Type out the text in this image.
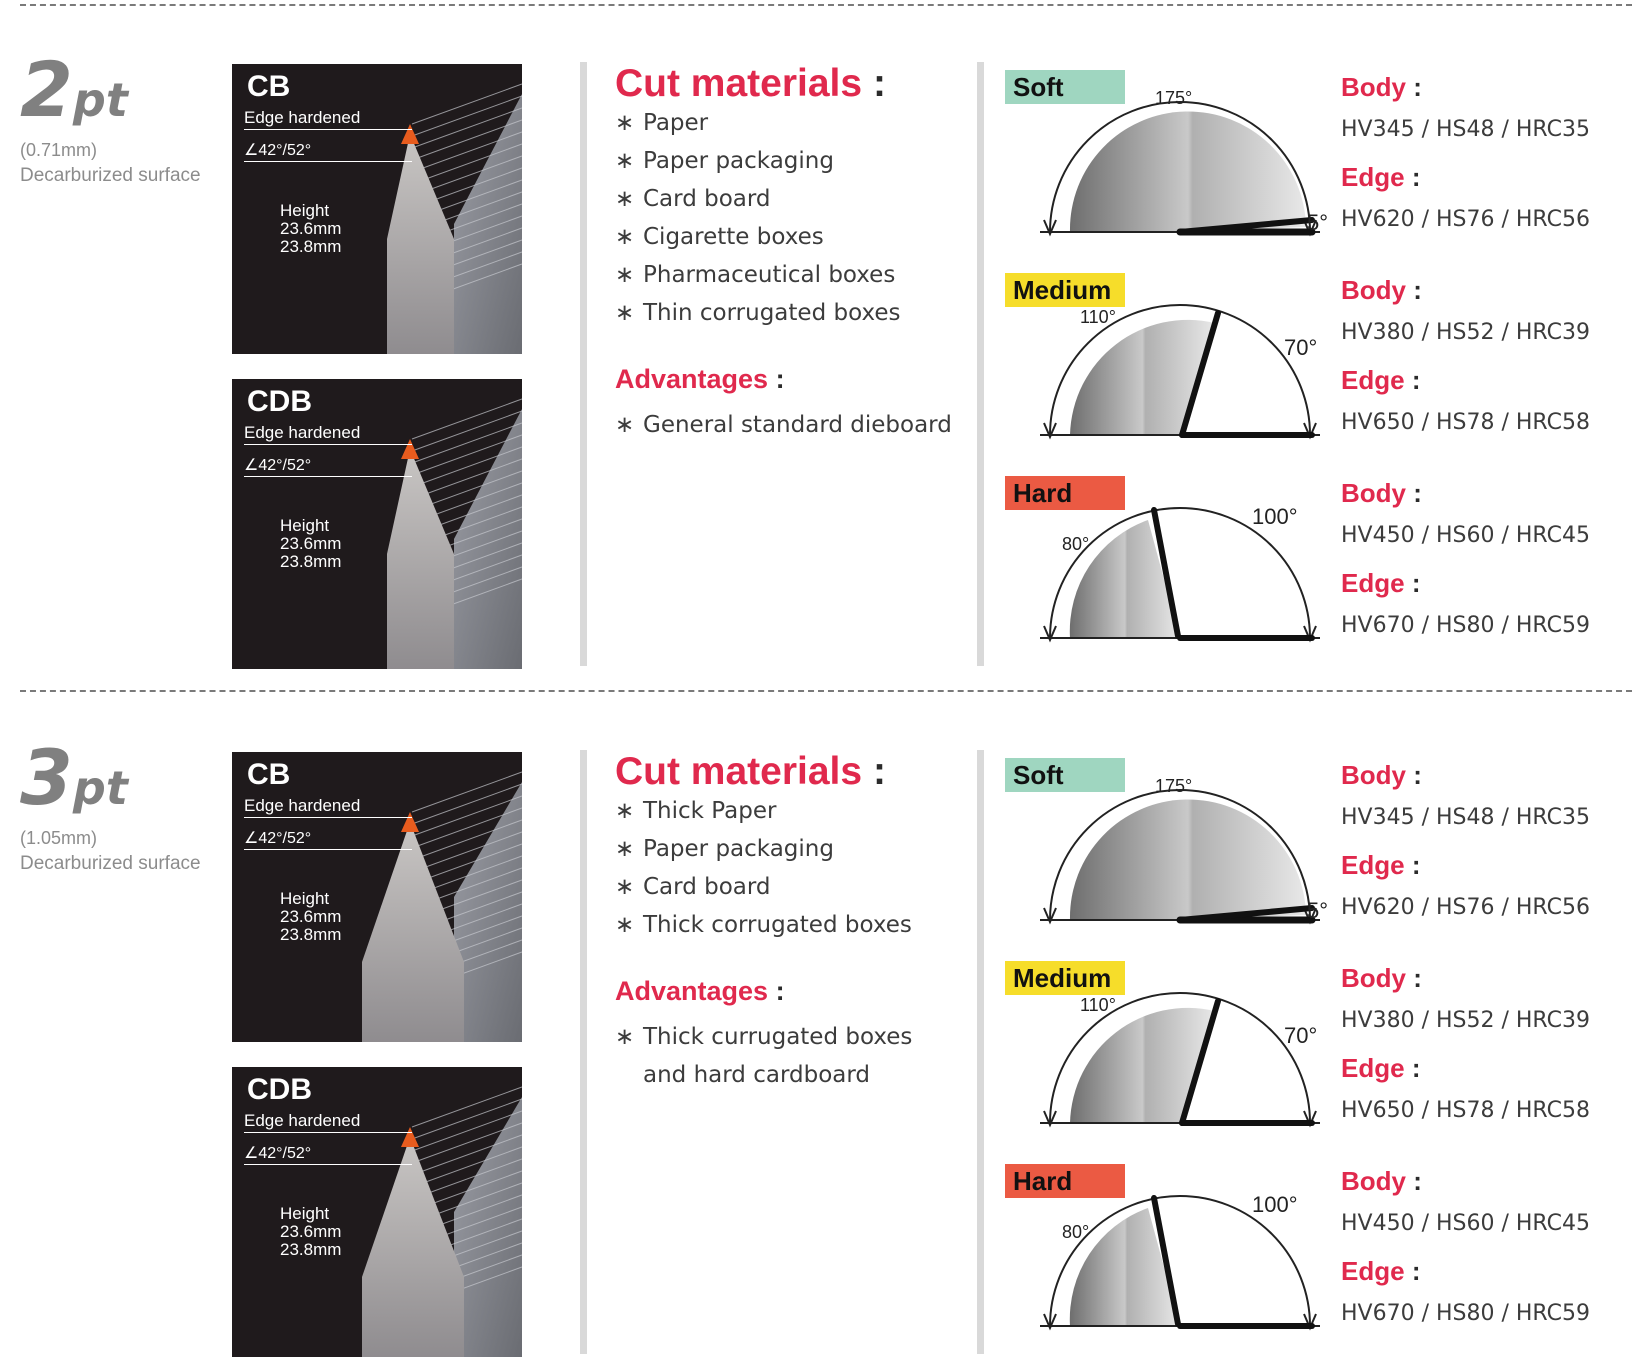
2pt
(0.71mm)
Decarburized surface
CB
Edge hardened
∠42°/52°
Height
23.6mm
23.8mm
CDB
Edge hardened
∠42°/52°
Height
23.6mm
23.8mm
Cut materials :
∗ Paper
∗ Paper packaging
∗ Card board
∗ Cigarette boxes
∗ Pharmaceutical boxes
∗ Thin corrugated boxes
Advantages :
∗ General standard dieboard
Soft	175°
5°
Body :
HV345 / HS48 / HRC35
Edge :
HV620 / HS76 / HRC56
Medium
110°
70°
Body :
HV380 / HS52 / HRC39
Edge :
HV650 / HS78 / HRC58
Hard
80°
100°
Body :
HV450 / HS60 / HRC45
Edge :
HV670 / HS80 / HRC59
3pt
(1.05mm)
Decarburized surface
CB
Edge hardened
∠42°/52°
Height
23.6mm
23.8mm
CDB
Edge hardened
∠42°/52°
Height
23.6mm
23.8mm
Cut materials :
∗ Thick Paper
∗ Paper packaging
∗ Card board
∗ Thick corrugated boxes
Advantages :
∗ Thick currugated boxes
and hard cardboard
Soft	175°
5°
Body :
HV345 / HS48 / HRC35
Edge :
HV620 / HS76 / HRC56
Medium
110°
70°
Body :
HV380 / HS52 / HRC39
Edge :
HV650 / HS78 / HRC58
Hard
80°
100°
Body :
HV450 / HS60 / HRC45
Edge :
HV670 / HS80 / HRC59
